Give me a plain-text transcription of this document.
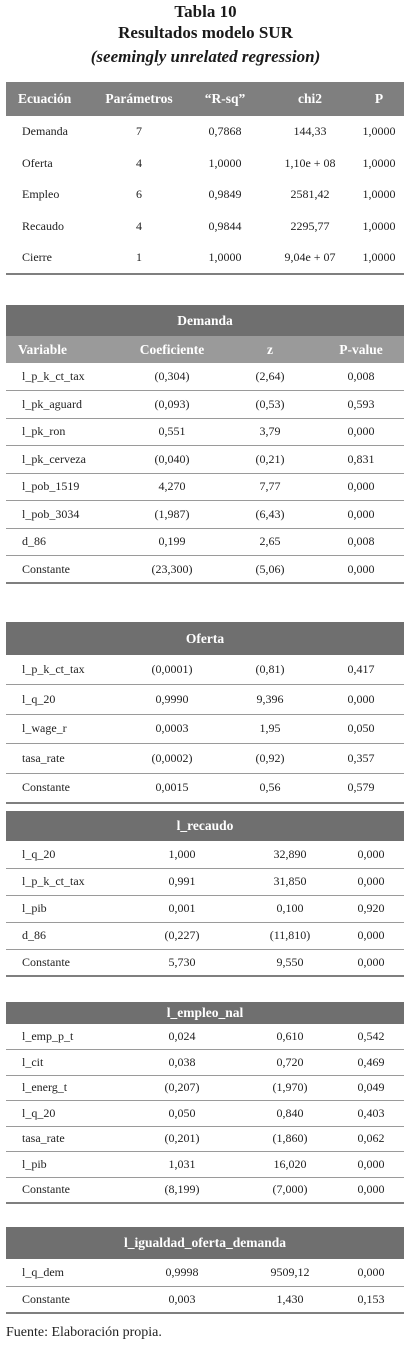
Tabla 10
Resultados modelo SUR
(seemingly unrelated regression)
Ecuación	Parámetros	“R-sq”	chi2	P
Demanda	7	0,7868	144,33	1,0000
Oferta	4	1,0000	1,10e + 08	1,0000
Empleo	6	0,9849	2581,42	1,0000
Recaudo	4	0,9844	2295,77	1,0000
Cierre	1	1,0000	9,04e + 07	1,0000
Demanda			
Variable	Coeficiente	z	P-value
l_p_k_ct_tax	(0,304)	(2,64)	0,008
l_pk_aguard	(0,093)	(0,53)	0,593
l_pk_ron	0,551	3,79	0,000
l_pk_cerveza	(0,040)	(0,21)	0,831
l_pob_1519	4,270	7,77	0,000
l_pob_3034	(1,987)	(6,43)	0,000
d_86	0,199	2,65	0,008
Constante	(23,300)	(5,06)	0,000
Oferta			
l_p_k_ct_tax	(0,0001)	(0,81)	0,417
l_q_20	0,9990	9,396	0,000
l_wage_r	0,0003	1,95	0,050
tasa_rate	(0,0002)	(0,92)	0,357
Constante	0,0015	0,56	0,579
l_recaudo			
l_q_20	1,000	32,890	0,000
l_p_k_ct_tax	0,991	31,850	0,000
l_pib	0,001	0,100	0,920
d_86	(0,227)	(11,810)	0,000
Constante	5,730	9,550	0,000
l_empleo_nal			
l_emp_p_t	0,024	0,610	0,542
l_cit	0,038	0,720	0,469
l_energ_t	(0,207)	(1,970)	0,049
l_q_20	0,050	0,840	0,403
tasa_rate	(0,201)	(1,860)	0,062
l_pib	1,031	16,020	0,000
Constante	(8,199)	(7,000)	0,000
l_igualdad_oferta_demanda			
l_q_dem	0,9998	9509,12	0,000
Constante	0,003	1,430	0,153
Fuente: Elaboración propia.
